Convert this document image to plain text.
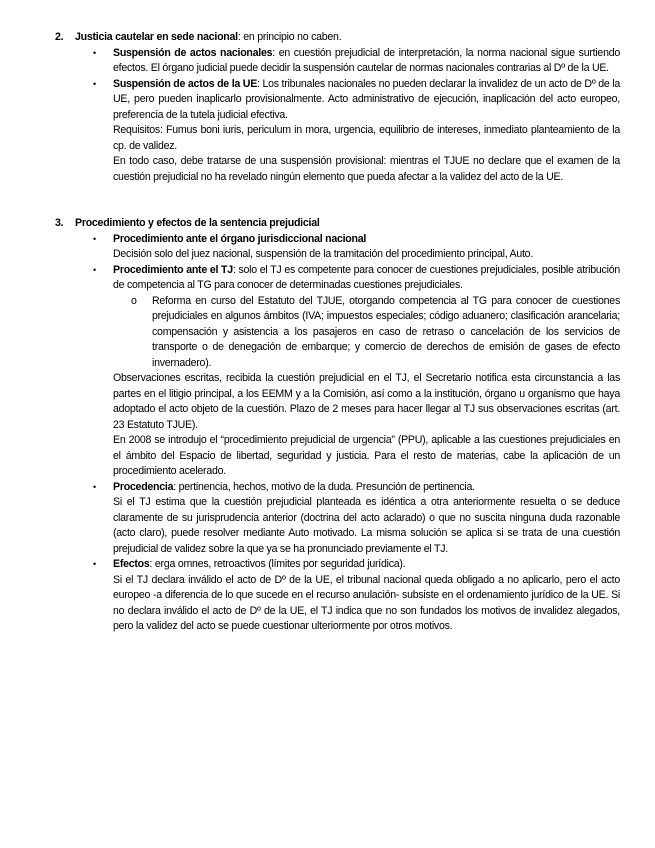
2. Justicia cautelar en sede nacional: en principio no caben.

• Suspensión de actos nacionales: en cuestión prejudicial de interpretación, la norma nacional sigue surtiendo efectos. El órgano judicial puede decidir la suspensión cautelar de normas nacionales contrarias al Dº de la UE.

• Suspensión de actos de la UE: Los tribunales nacionales no pueden declarar la invalidez de un acto de Dº de la UE, pero pueden inaplicarlo provisionalmente. Acto administrativo de ejecución, inaplicación del acto europeo, preferencia de la tutela judicial efectiva.

Requisitos: Fumus boni iuris, periculum in mora, urgencia, equilibrio de intereses, inmediato planteamiento de la cp. de validez.

En todo caso, debe tratarse de una suspensión provisional: mientras el TJUE no declare que el examen de la cuestión prejudicial no ha revelado ningún elemento que pueda afectar a la validez del acto de la UE.

3. Procedimiento y efectos de la sentencia prejudicial

• Procedimiento ante el órgano jurisdiccional nacional

Decisión solo del juez nacional, suspensión de la tramitación del procedimiento principal, Auto.

• Procedimiento ante el TJ: solo el TJ es competente para conocer de cuestiones prejudiciales, posible atribución de competencia al TG para conocer de determinadas cuestiones prejudiciales.

o Reforma en curso del Estatuto del TJUE, otorgando competencia al TG para conocer de cuestiones prejudiciales en algunos ámbitos (IVA; impuestos especiales; código aduanero; clasificación arancelaria; compensación y asistencia a los pasajeros en caso de retraso o cancelación de los servicios de transporte o de denegación de embarque; y comercio de derechos de emisión de gases de efecto invernadero).

Observaciones escritas, recibida la cuestión prejudicial en el TJ, el Secretario notifica esta circunstancia a las partes en el litigio principal, a los EEMM y a la Comisión, así como a la institución, órgano u organismo que haya adoptado el acto objeto de la cuestión. Plazo de 2 meses para hacer llegar al TJ sus observaciones escritas (art. 23 Estatuto TJUE).

En 2008 se introdujo el “procedimiento prejudicial de urgencia” (PPU), aplicable a las cuestiones prejudiciales en el ámbito del Espacio de libertad, seguridad y justicia. Para el resto de materias, cabe la aplicación de un procedimiento acelerado.

• Procedencia: pertinencia, hechos, motivo de la duda. Presunción de pertinencia.

Si el TJ estima que la cuestión prejudicial planteada es idéntica a otra anteriormente resuelta o se deduce claramente de su jurisprudencia anterior (doctrina del acto aclarado) o que no suscita ninguna duda razonable (acto claro), puede resolver mediante Auto motivado. La misma solución se aplica si se trata de una cuestión prejudicial de validez sobre la que ya se ha pronunciado previamente el TJ.

• Efectos: erga omnes, retroactivos (límites por seguridad jurídica).

Si el TJ declara inválido el acto de Dº de la UE, el tribunal nacional queda obligado a no aplicarlo, pero el acto europeo -a diferencia de lo que sucede en el recurso anulación- subsiste en el ordenamiento jurídico de la UE. Si no declara inválido el acto de Dº de la UE, el TJ indica que no son fundados los motivos de invalidez alegados, pero la validez del acto se puede cuestionar ulteriormente por otros motivos.
